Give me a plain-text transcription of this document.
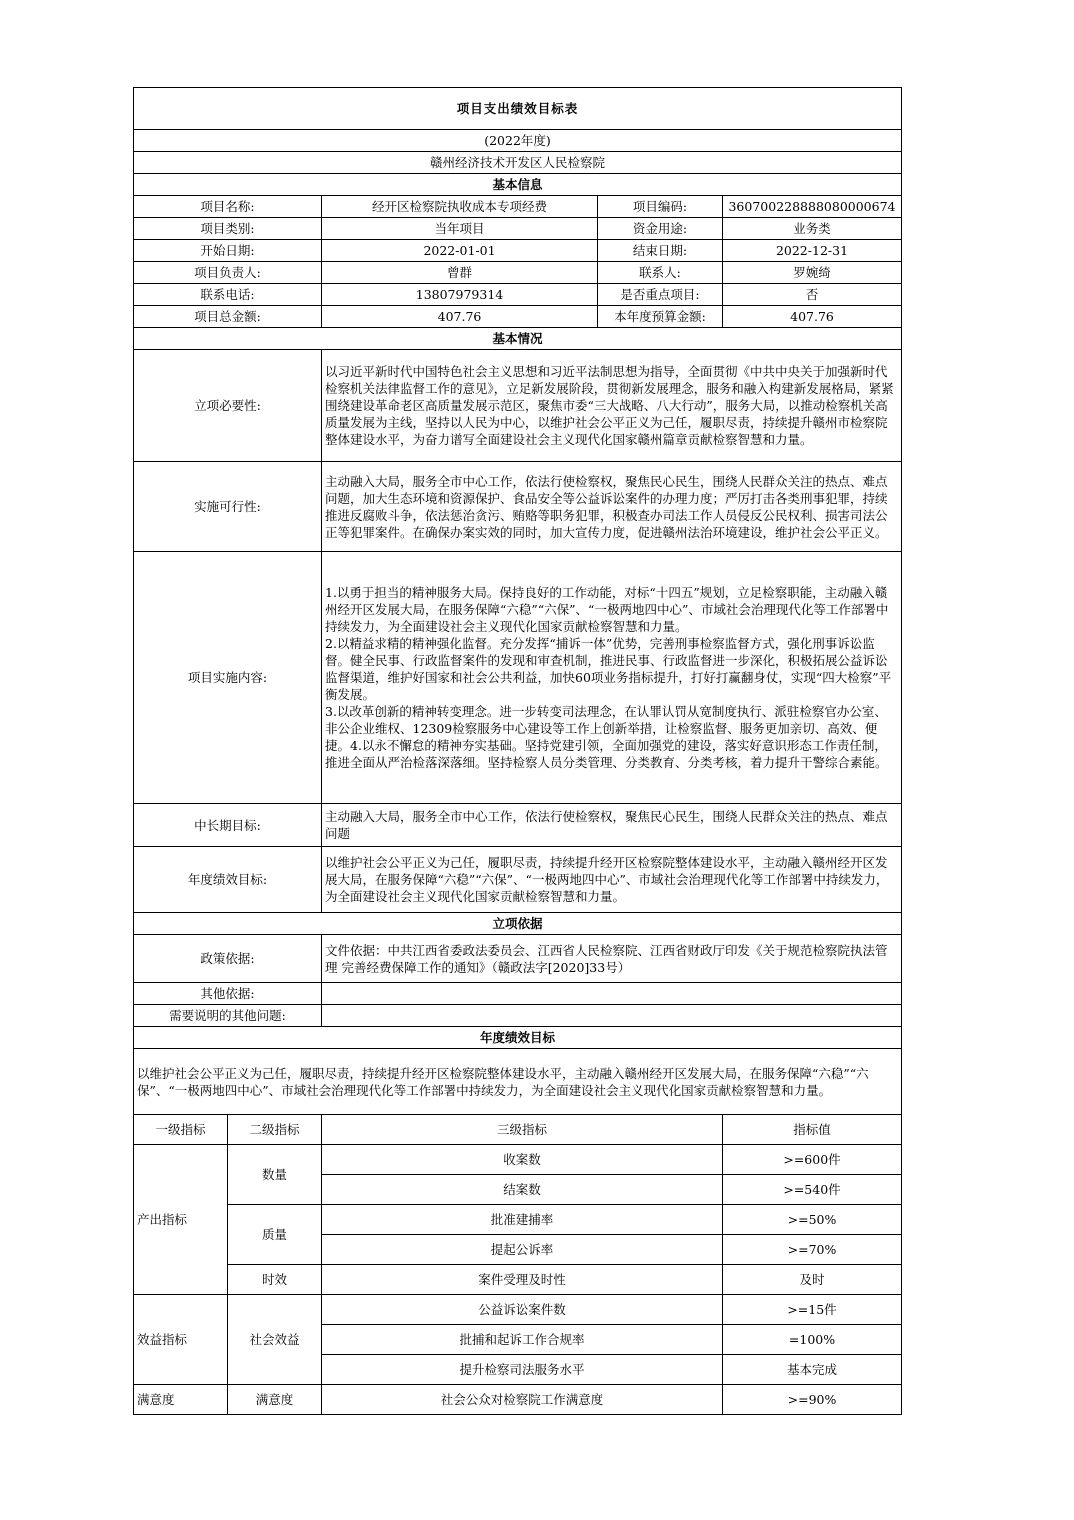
项目支出绩效目标表				
(2022年度)				
赣州经济技术开发区人民检察院				
基本信息				
项目名称:		经开区检察院执收成本专项经费	项目编码:	360700228888080000674
项目类别:		当年项目	资金用途:	业务类
开始日期:		2022-01-01	结束日期:	2022-12-31
项目负责人:		曾群	联系人:	罗婉绮
联系电话:		13807979314	是否重点项目:	否
项目总金额:		407.76	本年度预算金额:	407.76
基本情况				
立项必要性:		以习近平新时代中国特色社会主义思想和习近平法制思想为指导，全面贯彻《中共中央关于加强新时代检察机关法律监督工作的意见》，立足新发展阶段，贯彻新发展理念，服务和融入构建新发展格局，紧紧围绕建设革命老区高质量发展示范区，聚焦市委“三大战略、八大行动”，服务大局，以推动检察机关高质量发展为主线，坚持以人民为中心，以维护社会公平正义为己任，履职尽责，持续提升赣州市检察院整体建设水平，为奋力谱写全面建设社会主义现代化国家赣州篇章贡献检察智慧和力量。		
实施可行性:		主动融入大局，服务全市中心工作，依法行使检察权，聚焦民心民生，围绕人民群众关注的热点、难点问题，加大生态环境和资源保护、食品安全等公益诉讼案件的办理力度；严厉打击各类刑事犯罪，持续推进反腐败斗争，依法惩治贪污、贿赂等职务犯罪，积极查办司法工作人员侵反公民权利、损害司法公正等犯罪案件。在确保办案实效的同时，加大宣传力度，促进赣州法治环境建设，维护社会公平正义。		
项目实施内容:		1.以勇于担当的精神服务大局。保持良好的工作动能，对标“十四五”规划，立足检察职能，主动融入赣州经开区发展大局，在服务保障“六稳”“六保”、“一极两地四中心”、市域社会治理现代化等工作部署中持续发力，为全面建设社会主义现代化国家贡献检察智慧和力量。
2.以精益求精的精神强化监督。充分发挥“捕诉一体”优势，完善刑事检察监督方式，强化刑事诉讼监督。健全民事、行政监督案件的发现和审查机制，推进民事、行政监督进一步深化，积极拓展公益诉讼监督渠道，维护好国家和社会公共利益，加快60项业务指标提升，打好打赢翻身仗，实现“四大检察”平衡发展。
3.以改革创新的精神转变理念。进一步转变司法理念，在认罪认罚从宽制度执行、派驻检察官办公室、非公企业维权、12309检察服务中心建设等工作上创新举措，让检察监督、服务更加亲切、高效、便捷。4.以永不懈怠的精神夯实基础。坚持党建引领，全面加强党的建设，落实好意识形态工作责任制，推进全面从严治检落深落细。坚持检察人员分类管理、分类教育、分类考核，着力提升干警综合素能。		

中长期目标:		主动融入大局，服务全市中心工作，依法行使检察权，聚焦民心民生，围绕人民群众关注的热点、难点问题		
年度绩效目标:		以维护社会公平正义为己任，履职尽责，持续提升经开区检察院整体建设水平，主动融入赣州经开区发展大局，在服务保障“六稳”“六保”、“一极两地四中心”、市域社会治理现代化等工作部署中持续发力，为全面建设社会主义现代化国家贡献检察智慧和力量。		
立项依据				
政策依据:		文件依据：中共江西省委政法委员会、江西省人民检察院、江西省财政厅印发《关于规范检察院执法管理 完善经费保障工作的通知》（赣政法字[2020]33号）		
其他依据:				
需要说明的其他问题:				
年度绩效目标				
以维护社会公平正义为己任，履职尽责，持续提升经开区检察院整体建设水平，主动融入赣州经开区发展大局，在服务保障“六稳”“六保”、“一极两地四中心”、市域社会治理现代化等工作部署中持续发力，为全面建设社会主义现代化国家贡献检察智慧和力量。				
一级指标	二级指标	三级指标		指标值
产出指标	数量	收案数		>=600件
		结案数		>=540件
	质量	批准建捕率		>=50%
		提起公诉率		>=70%
	时效	案件受理及时性		及时
效益指标	社会效益	公益诉讼案件数		>=15件
		批捕和起诉工作合规率		=100%
		提升检察司法服务水平		基本完成
满意度	满意度	社会公众对检察院工作满意度		>=90%
